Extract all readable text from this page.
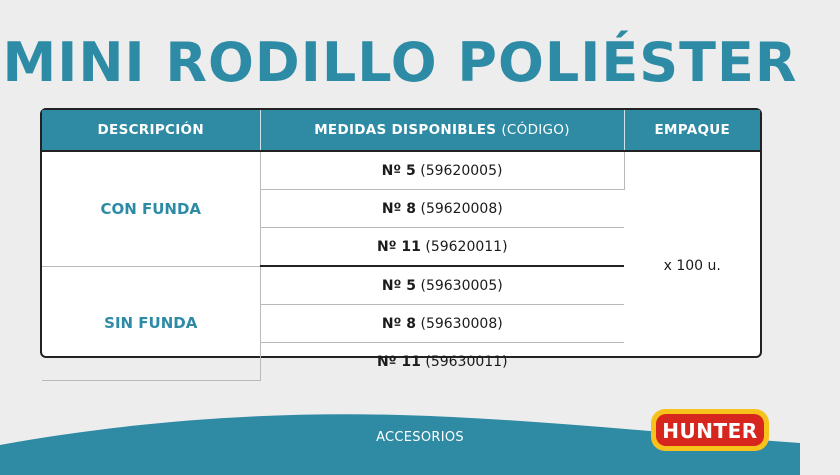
MINI RODILLO POLIÉSTER
DESCRIPCIÓN	MEDIDAS DISPONIBLES (CÓDIGO)	EMPAQUE
CON FUNDA	Nº 5 (59620005)	x 100 u.
	Nº 8 (59620008)	
	Nº 11 (59620011)	
SIN FUNDA	Nº 5 (59630005)	
	Nº 8 (59630008)	
	Nº 11 (59630011)	
ACCESORIOS	HUNTER
